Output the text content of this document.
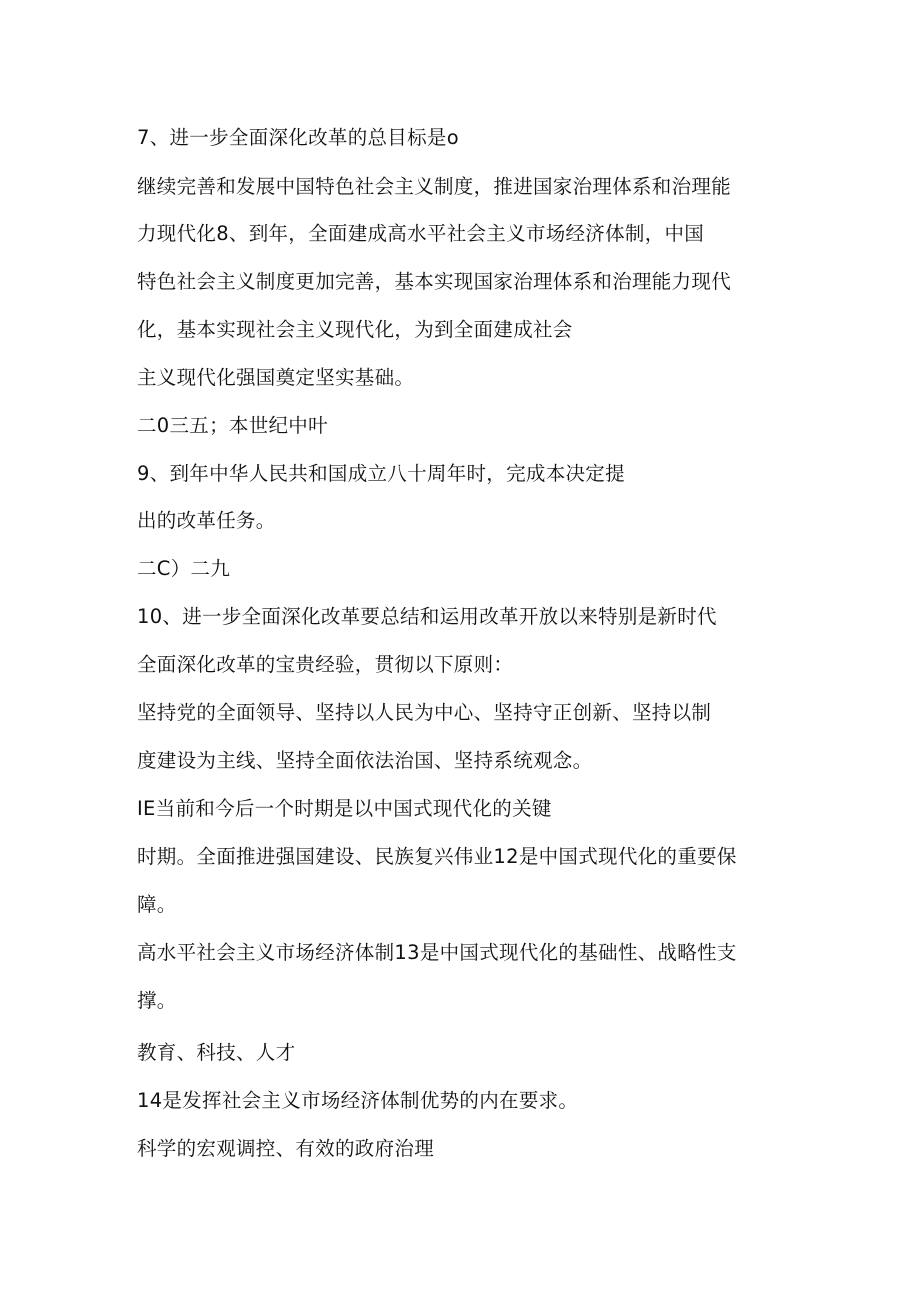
7、进一步全面深化改革的总目标是o

继续完善和发展中国特色社会主义制度，推进国家治理体系和治理能

力现代化8、到年，全面建成高水平社会主义市场经济体制，中国

特色社会主义制度更加完善，基本实现国家治理体系和治理能力现代

化，基本实现社会主义现代化，为到全面建成社会

主义现代化强国奠定坚实基础。

二0三五；本世纪中叶

9、到年中华人民共和国成立八十周年时，完成本决定提

出的改革任务。

二C）二九

10、进一步全面深化改革要总结和运用改革开放以来特别是新时代

全面深化改革的宝贵经验，贯彻以下原则：

坚持党的全面领导、坚持以人民为中心、坚持守正创新、坚持以制

度建设为主线、坚持全面依法治国、坚持系统观念。

IE当前和今后一个时期是以中国式现代化的关键

时期。全面推进强国建设、民族复兴伟业12是中国式现代化的重要保

障。

高水平社会主义市场经济体制13是中国式现代化的基础性、战略性支

撑。

教育、科技、人才

14是发挥社会主义市场经济体制优势的内在要求。

科学的宏观调控、有效的政府治理
